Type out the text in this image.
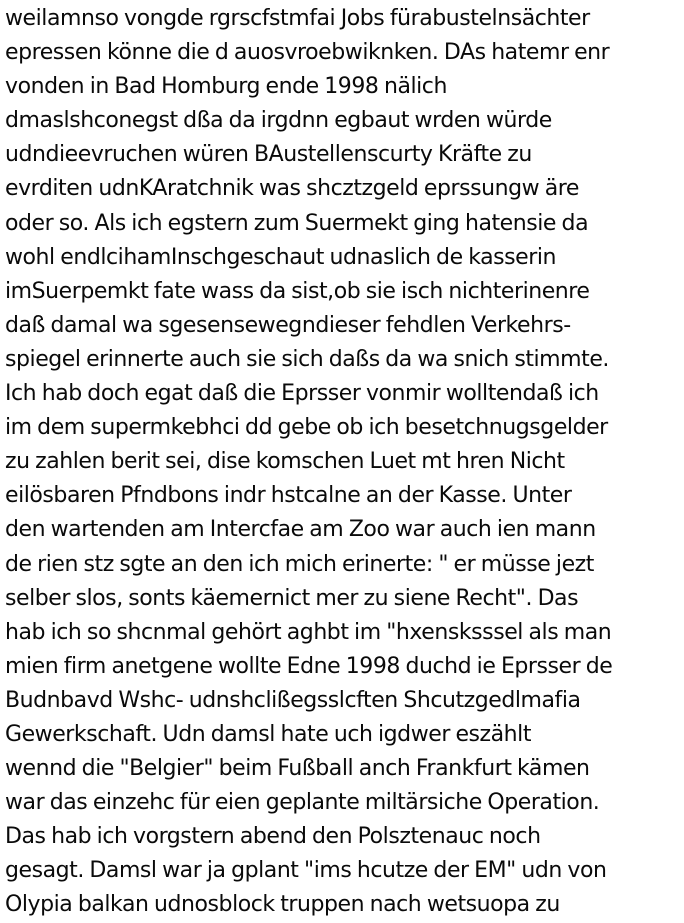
weilamnso vongde rgrscfstmfai Jobs fürabustelnsächter
epressen könne die d auosvroebwiknken. DAs hatemr enr
vonden in Bad Homburg ende 1998 nälich
dmaslshconegst dßa da irgdnn egbaut wrden würde
udndieevruchen würen BAustellenscurty Kräfte zu
evrditen udnKAratchnik was shcztzgeld eprssungw äre
oder so. Als ich egstern zum Suermekt ging hatensie da
wohl endlcihamInschgeschaut udnaslich de kasserin
imSuerpemkt fate wass da sist,ob sie isch nichterinenre
daß damal wa sgesensewegndieser fehdlen Verkehrs-
spiegel erinnerte auch sie sich daßs da wa snich stimmte.
Ich hab doch egat daß die Eprsser vonmir wolltendaß ich
im dem supermkebhci dd gebe ob ich besetchnugsgelder
zu zahlen berit sei, dise komschen Luet mt hren Nicht
eilösbaren Pfndbons indr hstcalne an der Kasse. Unter
den wartenden am Intercfae am Zoo war auch ien mann
de rien stz sgte an den ich mich erinerte: " er müsse jezt
selber slos, sonts käemernict mer zu siene Recht". Das
hab ich so shcnmal gehört aghbt im "hxensksssel als man
mien firm anetgene wollte Edne 1998 duchd ie Eprsser de
Budnbavd Wshc- udnshclißegsslcften Shcutzgedlmafia
Gewerkschaft. Udn damsl hate uch igdwer eszählt
wennd die "Belgier" beim Fußball anch Frankfurt kämen
war das einzehc für eien geplante miltärsiche Operation.
Das hab ich vorgstern abend den Polsztenauc noch
gesagt. Damsl war ja gplant "ims hcutze der EM" udn von
Olypia balkan udnosblock truppen nach wetsuopa zu
